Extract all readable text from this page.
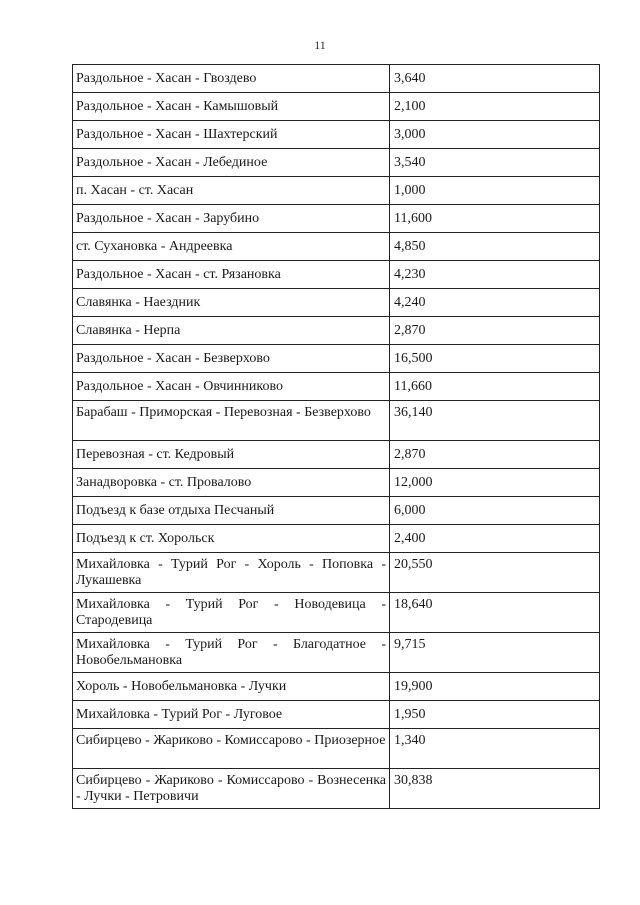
11
Раздольное - Хасан - Гвоздево	3,640
Раздольное - Хасан - Камышовый	2,100
Раздольное - Хасан - Шахтерский	3,000
Раздольное - Хасан - Лебединое	3,540
п. Хасан - ст. Хасан	1,000
Раздольное - Хасан - Зарубино	11,600
ст. Сухановка - Андреевка	4,850
Раздольное - Хасан - ст. Рязановка	4,230
Славянка - Наездник	4,240
Славянка - Нерпа	2,870
Раздольное - Хасан - Безверхово	16,500
Раздольное - Хасан - Овчинниково	11,660
Барабаш - Приморская - Перевозная - Безверхово	36,140
Перевозная - ст. Кедровый	2,870
Занадворовка - ст. Провалово	12,000
Подъезд к базе отдыха Песчаный	6,000
Подъезд к ст. Хорольск	2,400
Михайловка - Турий Рог - Хороль - Поповка - Лукашевка	20,550
Михайловка - Турий Рог - Новодевица - Стародевица	18,640
Михайловка - Турий Рог - Благодатное - Новобельмановка	9,715
Хороль - Новобельмановка - Лучки	19,900
Михайловка - Турий Рог - Луговое	1,950
Сибирцево - Жариково - Комиссарово - Приозерное	1,340
Сибирцево - Жариково - Комиссарово - Вознесенка - Лучки - Петровичи	30,838
